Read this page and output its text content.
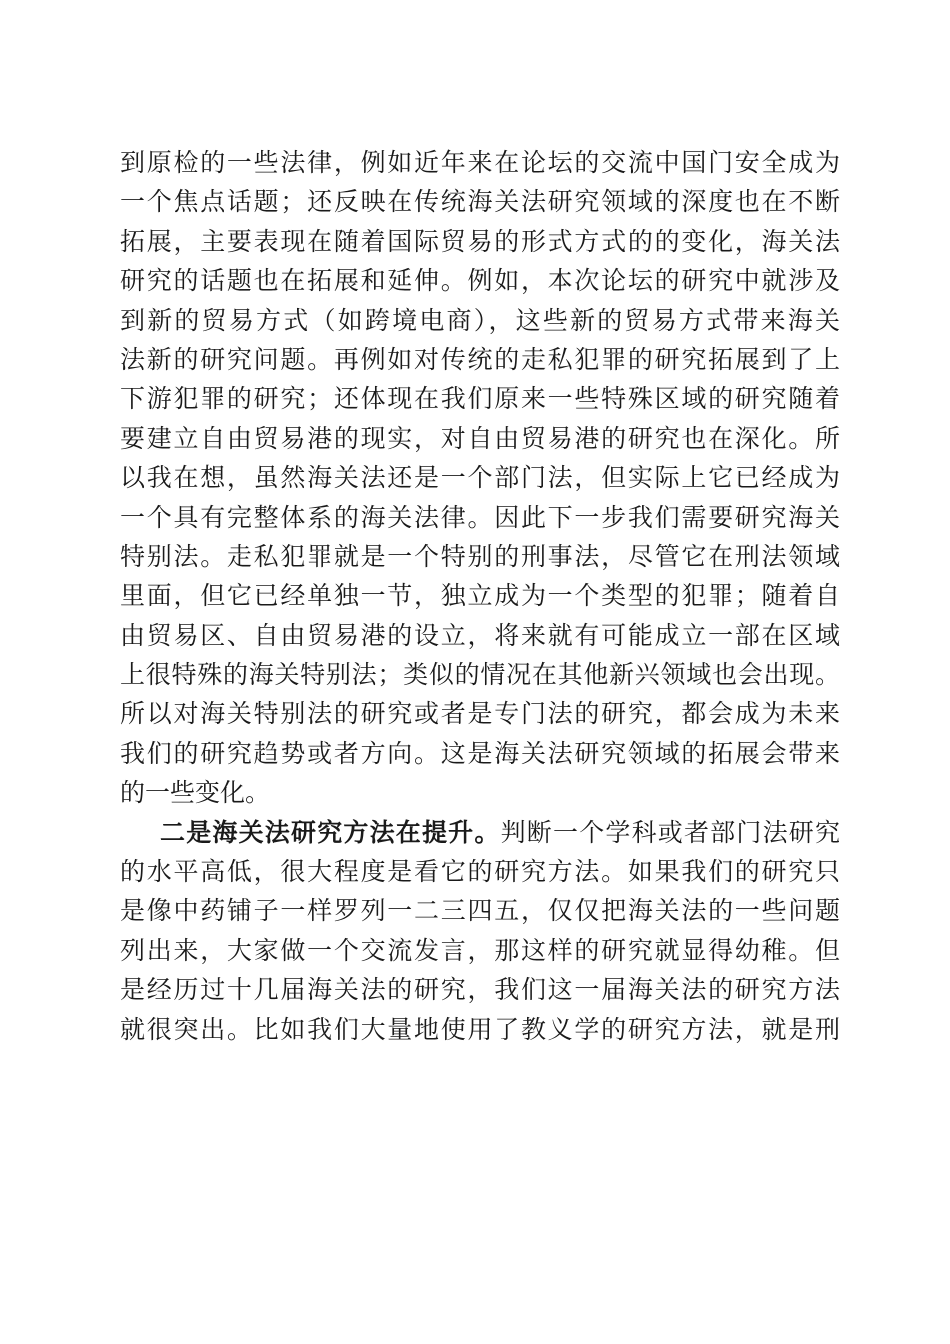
到原检的一些法律，例如近年来在论坛的交流中国门安全成为
一个焦点话题；还反映在传统海关法研究领域的深度也在不断
拓展，主要表现在随着国际贸易的形式方式的的变化，海关法
研究的话题也在拓展和延伸。例如，本次论坛的研究中就涉及
到新的贸易方式（如跨境电商），这些新的贸易方式带来海关
法新的研究问题。再例如对传统的走私犯罪的研究拓展到了上
下游犯罪的研究；还体现在我们原来一些特殊区域的研究随着
要建立自由贸易港的现实，对自由贸易港的研究也在深化。所
以我在想，虽然海关法还是一个部门法，但实际上它已经成为
一个具有完整体系的海关法律。因此下一步我们需要研究海关
特别法。走私犯罪就是一个特别的刑事法，尽管它在刑法领域
里面，但它已经单独一节，独立成为一个类型的犯罪；随着自
由贸易区、自由贸易港的设立，将来就有可能成立一部在区域
上很特殊的海关特别法；类似的情况在其他新兴领域也会出现。
所以对海关特别法的研究或者是专门法的研究，都会成为未来
我们的研究趋势或者方向。这是海关法研究领域的拓展会带来
的一些变化。
二是海关法研究方法在提升。判断一个学科或者部门法研究
的水平高低，很大程度是看它的研究方法。如果我们的研究只
是像中药铺子一样罗列一二三四五，仅仅把海关法的一些问题
列出来，大家做一个交流发言，那这样的研究就显得幼稚。但
是经历过十几届海关法的研究，我们这一届海关法的研究方法
就很突出。比如我们大量地使用了教义学的研究方法，就是刑
